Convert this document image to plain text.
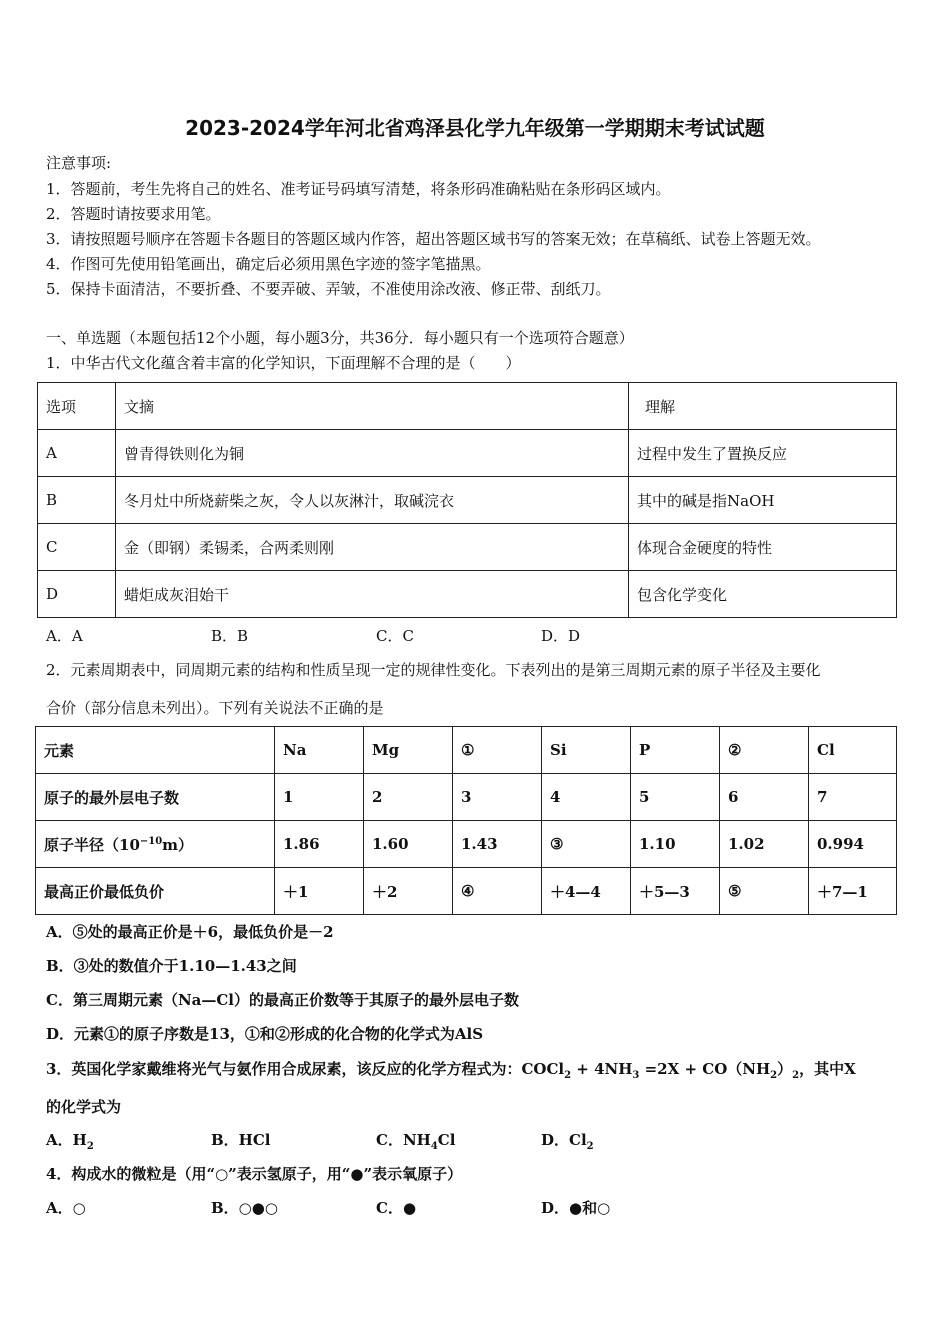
2023-2024学年河北省鸡泽县化学九年级第一学期期末考试试题
注意事项:
1．答题前，考生先将自己的姓名、准考证号码填写清楚，将条形码准确粘贴在条形码区域内。
2．答题时请按要求用笔。
3．请按照题号顺序在答题卡各题目的答题区域内作答，超出答题区域书写的答案无效；在草稿纸、试卷上答题无效。
4．作图可先使用铅笔画出，确定后必须用黑色字迹的签字笔描黑。
5．保持卡面清洁，不要折叠、不要弄破、弄皱，不准使用涂改液、修正带、刮纸刀。
一、单选题（本题包括12个小题，每小题3分，共36分．每小题只有一个选项符合题意）
1．中华古代文化蕴含着丰富的化学知识，下面理解不合理的是（　　）
选项	文摘	理解
A	曾青得铁则化为铜	过程中发生了置换反应
B	冬月灶中所烧薪柴之灰，令人以灰淋汁，取碱浣衣	其中的碱是指NaOH
C	金（即钢）柔锡柔，合两柔则刚	体现合金硬度的特性
D	蜡炬成灰泪始干	包含化学变化
A．A	B．B	C．C	D．D
2．元素周期表中，同周期元素的结构和性质呈现一定的规律性变化。下表列出的是第三周期元素的原子半径及主要化
合价（部分信息未列出）。下列有关说法不正确的是
元素	Na	Mg	①	Si	P	②	Cl
原子的最外层电子数	1	2	3	4	5	6	7
原子半径$(10^{-10}m)$	1.86	1.60	1.43	③	1.10	1.02	0.994
最高正价最低负价	＋1	＋2	④	＋4—4	＋5—3	⑤	＋7—1
A．⑤处的最高正价是＋6，最低负价是－2
B．③处的数值介于1.10—1.43之间
C．第三周期元素（Na—Cl）的最高正价数等于其原子的最外层电子数
D．元素①的原子序数是13，①和②形成的化合物的化学式为AlS
3．英国化学家戴维将光气与氨作用合成尿素，该反应的化学方程式为：COCl$_2$ + $4NH_3 =2X + CO(NH_2)_2$，其中X
的化学式为
A．$H_2$	B．HCl	C．$NH_4Cl$	D．$Cl_2$
4．构成水的微粒是（用“○”表示氢原子，用“●”表示氧原子）
A．○	B．○●○	C．●	D．●和○
